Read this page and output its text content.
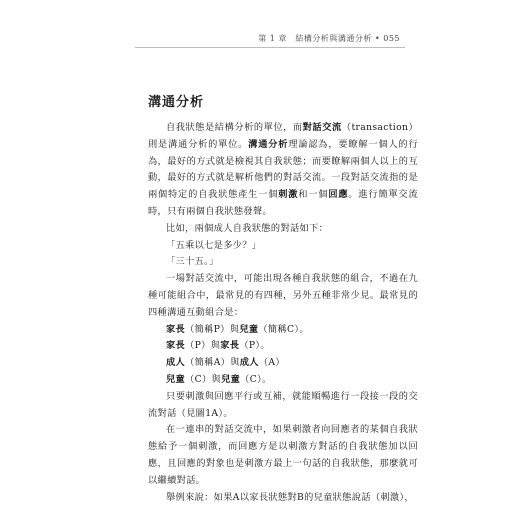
第 1 章　結構分析與溝通分析 • 055
溝通分析

自我狀態是結構分析的單位，而對話交流（transaction）則是溝通分析的單位。溝通分析理論認為，要瞭解一個人的行為，最好的方式就是檢視其自我狀態；而要瞭解兩個人以上的互動，最好的方式就是解析他們的對話交流。一段對話交流指的是兩個特定的自我狀態產生一個刺激和一個回應。進行簡單交流時，只有兩個自我狀態發聲。

比如，兩個成人自我狀態的對話如下：

「五乘以七是多少？」

「三十五。」

一場對話交流中，可能出現各種自我狀態的組合，不過在九種可能組合中，最常見的有四種，另外五種非常少見。最常見的四種溝通互動組合是：

家長（簡稱P）與兒童（簡稱C）。

家長（P）與家長（P）。

成人（簡稱A）與成人（A）

兒童（C）與兒童（C）。

只要刺激與回應平行或互補，就能順暢進行一段接一段的交流對話（見圖1A）。

在一連串的對話交流中，如果刺激者向回應者的某個自我狀態給予一個刺激，而回應方是以刺激方對話的自我狀態加以回應，且回應的對象也是刺激方最上一句話的自我狀態，那麼就可以繼續對話。

舉例來說：如果A以家長狀態對B的兒童狀態說話（刺激），
